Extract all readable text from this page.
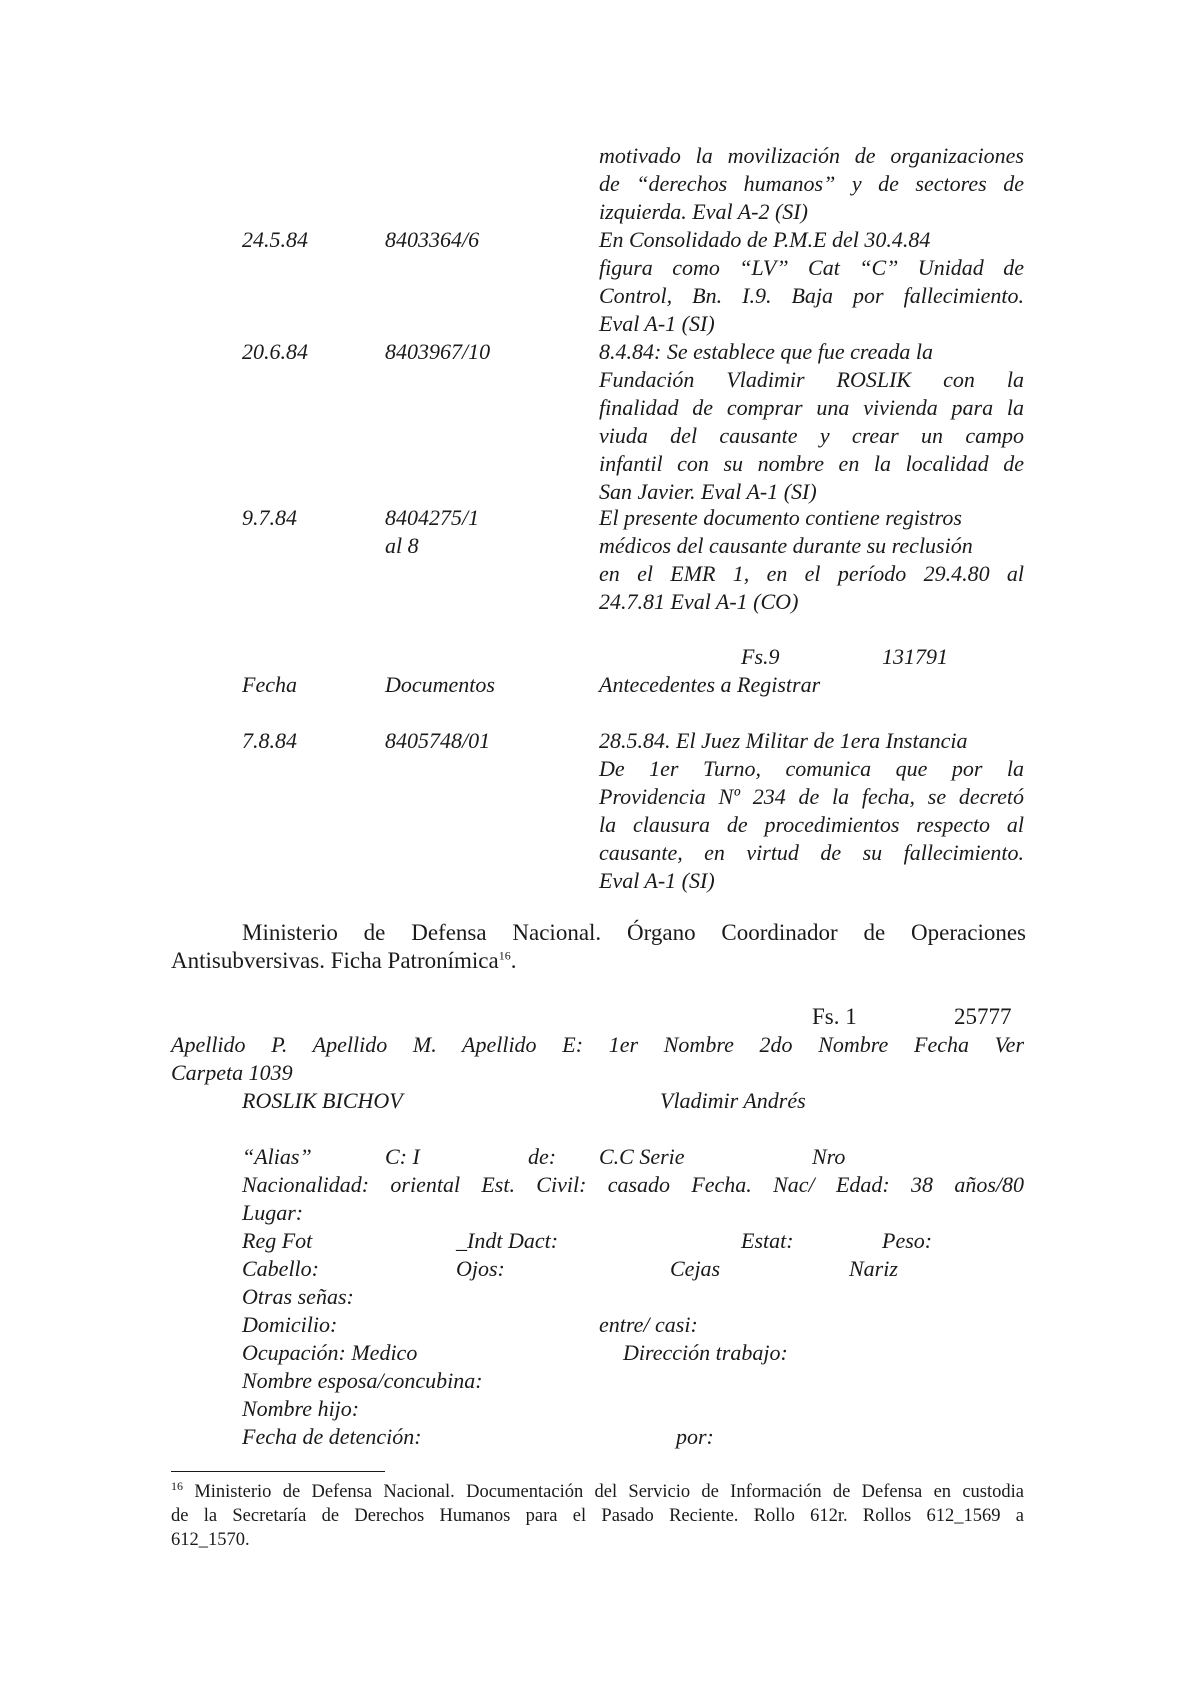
motivado la movilización de organizaciones
de “derechos humanos” y de sectores de
izquierda. Eval A-2 (SI)
24.5.84	8403364/6	En Consolidado de P.M.E del 30.4.84
figura como “LV” Cat “C” Unidad de
Control, Bn. I.9. Baja por fallecimiento.
Eval A-1 (SI)
20.6.84	8403967/10	8.4.84: Se establece que fue creada la
Fundación Vladimir ROSLIK con la
finalidad de comprar una vivienda para la
viuda del causante y crear un campo
infantil con su nombre en la localidad de
San Javier. Eval A-1 (SI)
9.7.84	8404275/1
al 8
El presente documento contiene registros
médicos del causante durante su reclusión
en el EMR 1, en el período 29.4.80 al
24.7.81 Eval A-1 (CO)
Fs.9	131791
Fecha	Documentos	Antecedentes a Registrar
7.8.84	8405748/01	28.5.84. El Juez Militar de 1era Instancia
De 1er Turno, comunica que por la
Providencia Nº 234 de la fecha, se decretó
la clausura de procedimientos respecto al
causante, en virtud de su fallecimiento.
Eval A-1 (SI)
Ministerio de Defensa Nacional. Órgano Coordinador de Operaciones
Antisubversivas. Ficha Patronímica$^{16}$.
Fs. 1	25777
Apellido P. Apellido M. Apellido E: 1er Nombre 2do Nombre Fecha Ver
Carpeta 1039
ROSLIK BICHOV	Vladimir Andrés
“Alias”	C: I	de: C.C Serie	Nro
Nacionalidad: oriental Est. Civil: casado Fecha. Nac/ Edad: 38 años/80
Lugar:
Reg Fot	_Indt Dact:	Estat:	Peso:
Cabello:	Ojos:	Cejas	Nariz
Otras señas:
Domicilio:	entre/ casi:
Ocupación: Medico	Dirección trabajo:
Nombre esposa/concubina:
Nombre hijo:
Fecha de detención:	por:
$^{16}$ Ministerio de Defensa Nacional. Documentación del Servicio de Información de Defensa en custodia
de la Secretaría de Derechos Humanos para el Pasado Reciente. Rollo 612r. Rollos 612_1569 a
612_1570.
